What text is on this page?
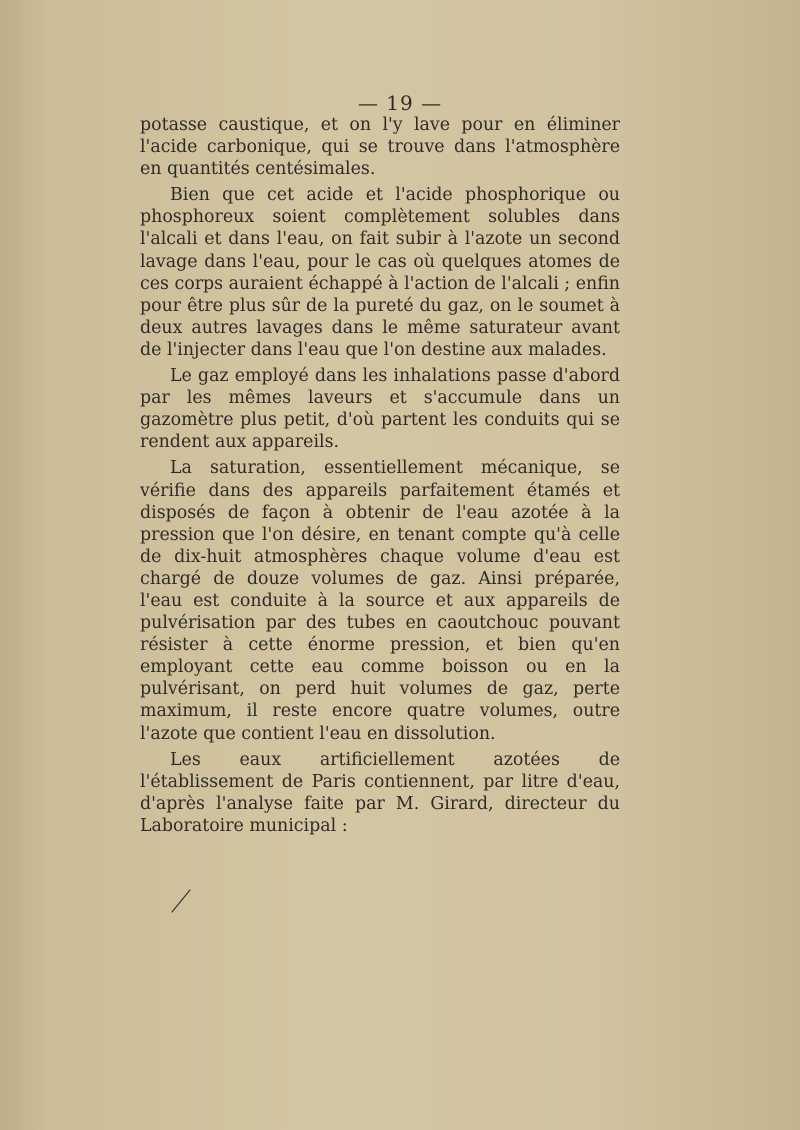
— 19 —

potasse caustique, et on l'y lave pour en éliminer l'acide carbonique, qui se trouve dans l'atmosphère en quantités centésimales.

Bien que cet acide et l'acide phosphorique ou phosphoreux soient complètement solubles dans l'alcali et dans l'eau, on fait subir à l'azote un second lavage dans l'eau, pour le cas où quelques atomes de ces corps auraient échappé à l'action de l'alcali ; enfin pour être plus sûr de la pureté du gaz, on le soumet à deux autres lavages dans le même saturateur avant de l'injecter dans l'eau que l'on destine aux malades.

Le gaz employé dans les inhalations passe d'abord par les mêmes laveurs et s'accumule dans un gazomètre plus petit, d'où partent les conduits qui se rendent aux appareils.

La saturation, essentiellement mécanique, se vérifie dans des appareils parfaitement étamés et disposés de façon à obtenir de l'eau azotée à la pression que l'on désire, en tenant compte qu'à celle de dix-huit atmosphères chaque volume d'eau est chargé de douze volumes de gaz. Ainsi préparée, l'eau est conduite à la source et aux appareils de pulvérisation par des tubes en caoutchouc pouvant résister à cette énorme pression, et bien qu'en employant cette eau comme boisson ou en la pulvérisant, on perd huit volumes de gaz, perte maximum, il reste encore quatre volumes, outre l'azote que contient l'eau en dissolution.

Les eaux artificiellement azotées de l'établissement de Paris contiennent, par litre d'eau, d'après l'analyse faite par M. Girard, directeur du Laboratoire municipal :
